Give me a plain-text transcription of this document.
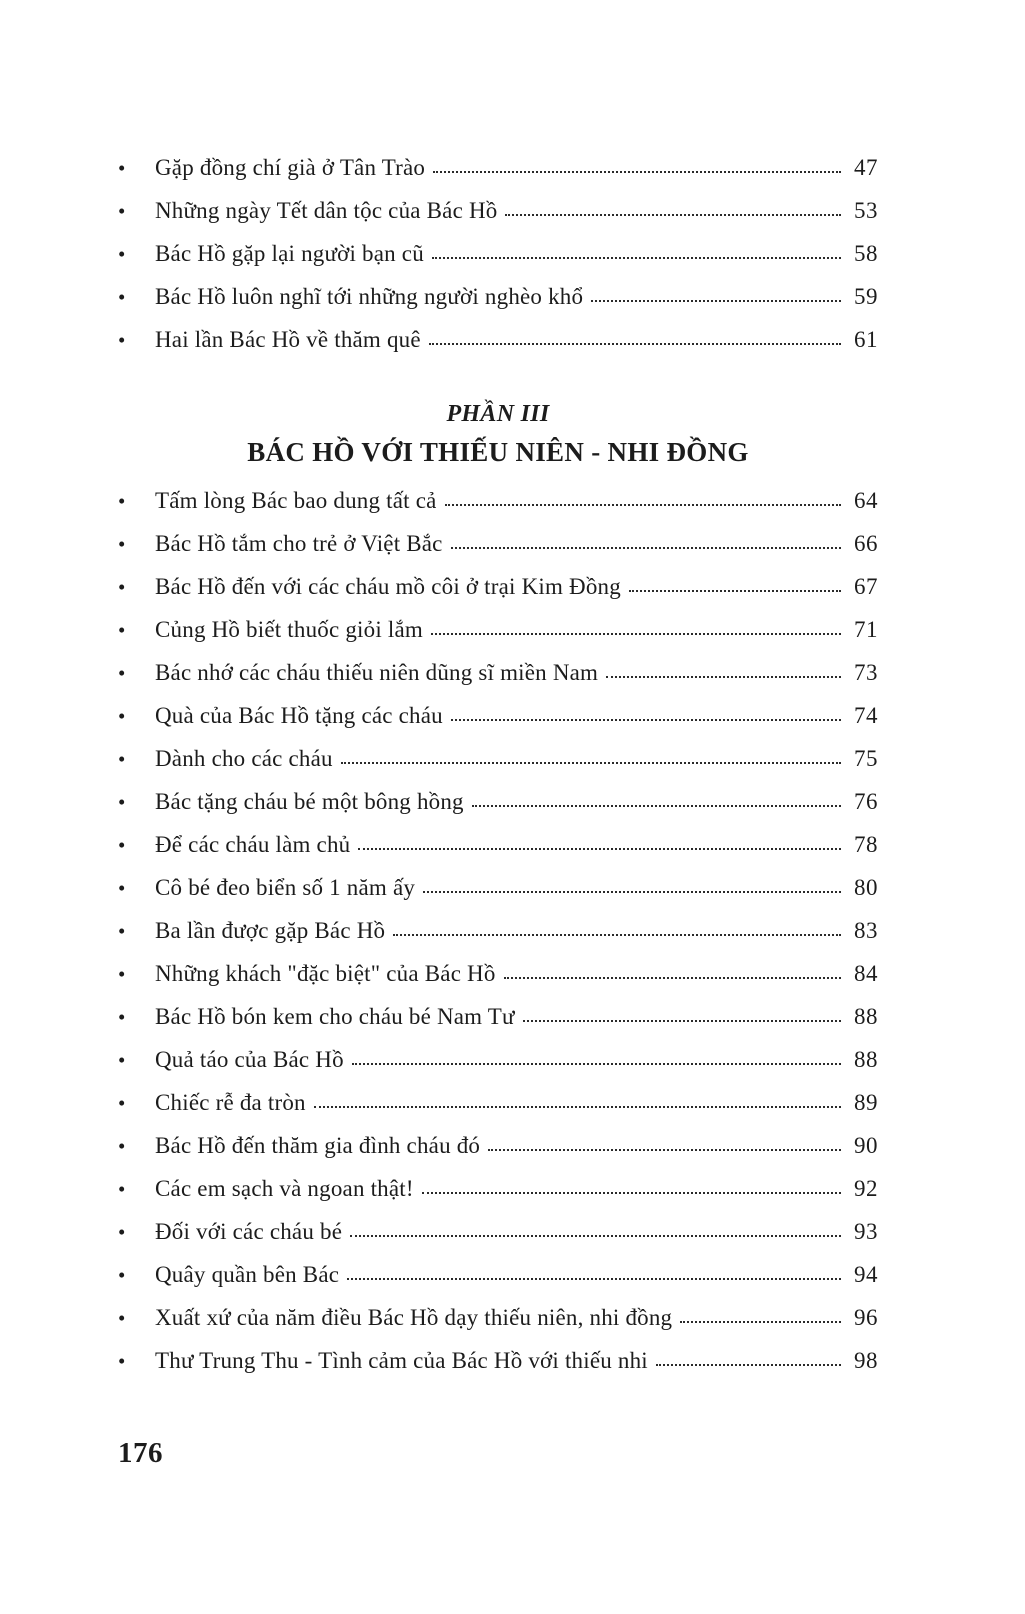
•	Gặp đồng chí già ở Tân Trào	47
•	Những ngày Tết dân tộc của Bác Hồ	53
•	Bác Hồ gặp lại người bạn cũ	58
•	Bác Hồ luôn nghĩ tới những người nghèo khổ	59
•	Hai lần Bác Hồ về thăm quê	61
PHẦN III
BÁC HỒ VỚI THIẾU NIÊN - NHI ĐỒNG
•	Tấm lòng Bác bao dung tất cả	64
•	Bác Hồ tắm cho trẻ ở Việt Bắc	66
•	Bác Hồ đến với các cháu mồ côi ở trại Kim Đồng	67
•	Củng Hồ biết thuốc giỏi lắm	71
•	Bác nhớ các cháu thiếu niên dũng sĩ miền Nam	73
•	Quà của Bác Hồ tặng các cháu	74
•	Dành cho các cháu	75
•	Bác tặng cháu bé một bông hồng	76
•	Để các cháu làm chủ	78
•	Cô bé đeo biển số 1 năm ấy	80
•	Ba lần được gặp Bác Hồ	83
•	Những khách "đặc biệt" của Bác Hồ	84
•	Bác Hồ bón kem cho cháu bé Nam Tư	88
•	Quả táo của Bác Hồ	88
•	Chiếc rễ đa tròn	89
•	Bác Hồ đến thăm gia đình cháu đó	90
•	Các em sạch và ngoan thật!	92
•	Đối với các cháu bé	93
•	Quây quần bên Bác	94
•	Xuất xứ của năm điều Bác Hồ dạy thiếu niên, nhi đồng	96
•	Thư Trung Thu - Tình cảm của Bác Hồ với thiếu nhi	98
176
